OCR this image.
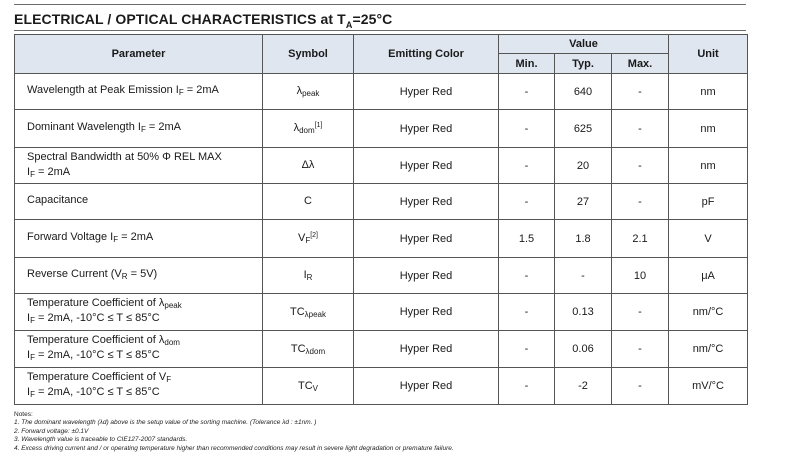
ELECTRICAL / OPTICAL CHARACTERISTICS at $T_A=25^\circ C$
Parameter	Symbol	Emitting Color	Value			Unit
			Min.	Typ.	Max.	
Wavelength at Peak Emission IF = 2mA	λpeak	Hyper Red	-	640	-	nm
Dominant Wavelength IF = 2mA	λdom[1]	Hyper Red	-	625	-	nm
Spectral Bandwidth at 50% Φ REL MAX
IF = 2mA	Δλ	Hyper Red	-	20	-	nm
Capacitance	C	Hyper Red	-	27	-	pF
Forward Voltage IF = 2mA	VF[2]	Hyper Red	1.5	1.8	2.1	V
Reverse Current (VR = 5V)	IR	Hyper Red	-	-	10	μA
Temperature Coefficient of λpeak
IF = 2mA, -10°C ≤ T ≤ 85°C	TCλpeak	Hyper Red	-	0.13	-	nm/°C
Temperature Coefficient of λdom
IF = 2mA, -10°C ≤ T ≤ 85°C	TCλdom	Hyper Red	-	0.06	-	nm/°C
Temperature Coefficient of VF
IF = 2mA, -10°C ≤ T ≤ 85°C	TCV	Hyper Red	-	-2	-	mV/°C
Notes:
1. The dominant wavelength (λd) above is the setup value of the sorting machine. (Tolerance λd : ±1nm. )
2. Forward voltage: ±0.1V
3. Wavelength value is traceable to CIE127-2007 standards.
4. Excess driving current and / or operating temperature higher than recommended conditions may result in severe light degradation or premature failure.
